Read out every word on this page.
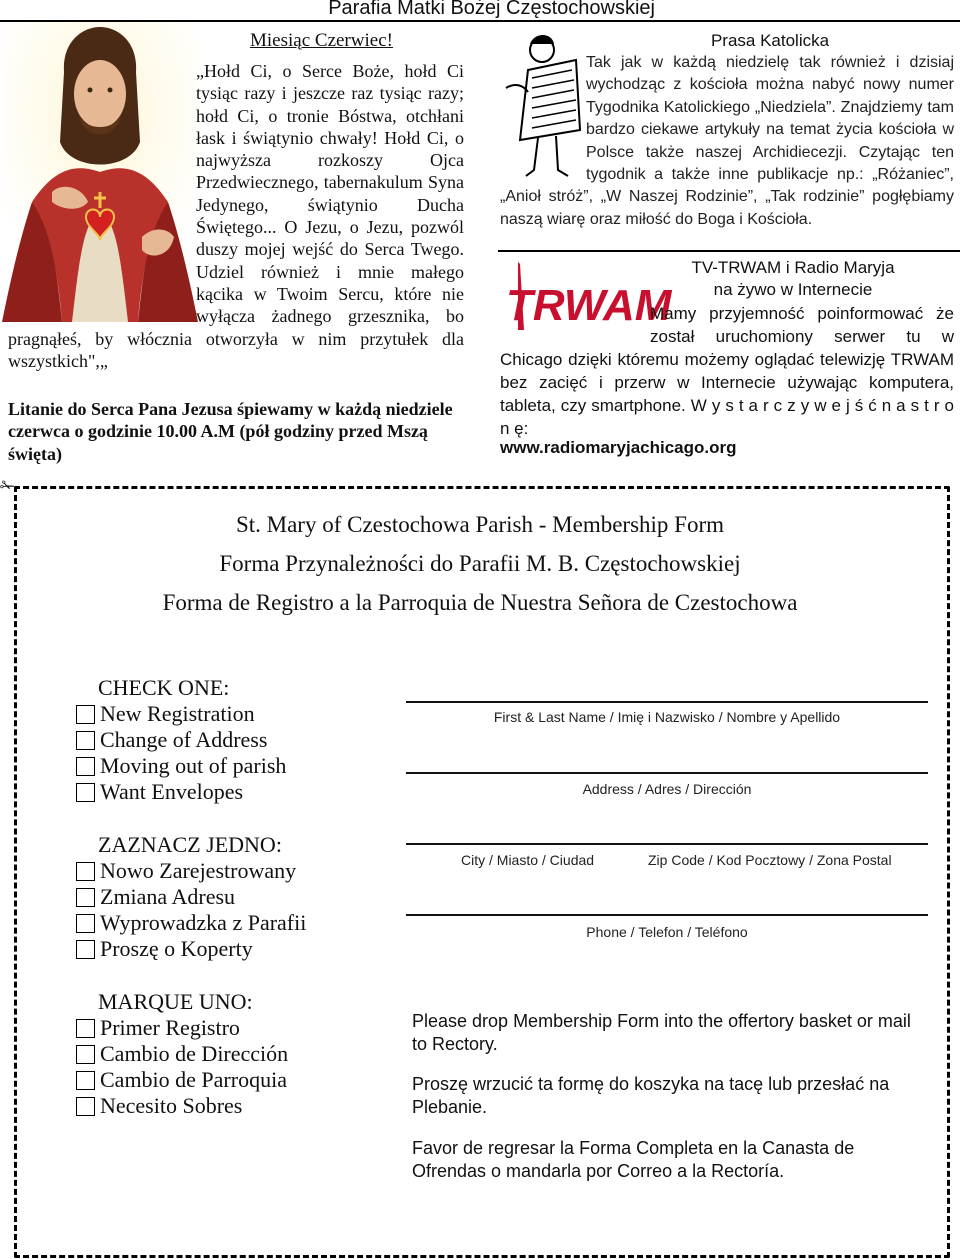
Parafia Matki Bożej Częstochowskiej
Miesiąc Czerwiec!
„Hołd Ci, o Serce Boże, hołd Ci tysiąc razy i jeszcze raz tysiąc razy; hołd Ci, o tronie Bóstwa, otchłani łask i świątynio chwały! Hołd Ci, o najwyższa rozkoszy Ojca Przedwiecznego, tabernakulum Syna Jedynego, świątynio Ducha Świętego... O Jezu, o Jezu, pozwól duszy mojej wejść do Serca Twego. Udziel również i mnie małego kącika w Twoim Sercu, które nie wyłącza żadnego grzesznika, bo pragnąłeś, by włócznia otworzyła w nim przytułek dla wszystkich",„
Litanie do Serca Pana Jezusa śpiewamy w każdą niedziele czerwca o godzinie 10.00 A.M (pół godziny przed Mszą święta)
Prasa Katolicka
Tak jak w każdą niedzielę tak również i dzisiaj wychodząc z kościoła można nabyć nowy numer Tygodnika Katolickiego „Niedziela”. Znajdziemy tam bardzo ciekawe artykuły na temat życia kościoła w Polsce także naszej Archidiecezji. Czytając ten tygodnik a także inne publikacje np.: „Różaniec”, „Anioł stróż”, „W Naszej Rodzinie”, „Tak rodzinie” pogłębiamy naszą wiarę oraz miłość do Boga i Kościoła.
TRWAM
TV-TRWAM i Radio Maryja
na żywo w Internecie
Mamy przyjemność poinformować że został uruchomiony serwer tu w Chicago dzięki któremu możemy oglądać telewizję TRWAM bez zacięć i przerw w Internecie używając komputera, tableta, czy smartphone. W y s t a r c z y w e j ś ć n a s t r o n ę:
www.radiomaryjachicago.org
✁
St. Mary of Czestochowa Parish - Membership Form
Forma Przynależności do Parafii M. B. Częstochowskiej
Forma de Registro a la Parroquia de Nuestra Señora de Czestochowa
CHECK ONE:
New Registration
Change of Address
Moving out of parish
Want Envelopes
ZAZNACZ JEDNO:
Nowo Zarejestrowany
Zmiana Adresu
Wyprowadzka z Parafii
Proszę o Koperty
MARQUE UNO:
Primer Registro
Cambio de Dirección
Cambio de Parroquia
Necesito Sobres
First & Last Name / Imię i Nazwisko / Nombre y Apellido
Address / Adres / Dirección
City / Miasto / Ciudad	Zip Code / Kod Pocztowy / Zona Postal
Phone / Telefon / Teléfono
Please drop Membership Form into the offertory basket or mail to Rectory.
Proszę wrzucić ta formę do koszyka na tacę lub przesłać na Plebanie.
Favor de regresar la Forma Completa en la Canasta de Ofrendas o mandarla por Correo a la Rectoría.
